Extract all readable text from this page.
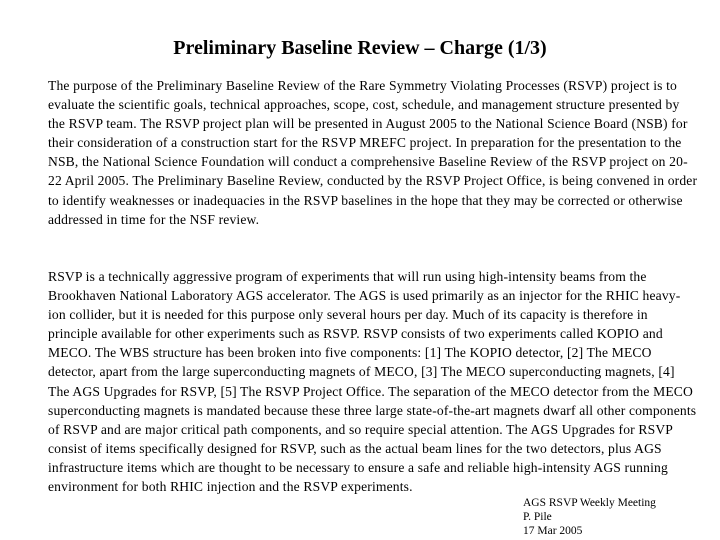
Preliminary Baseline Review – Charge (1/3)

The purpose of the Preliminary Baseline Review of the Rare Symmetry Violating Processes (RSVP) project is to evaluate the scientific goals, technical approaches, scope, cost, schedule, and management structure presented by the RSVP team. The RSVP project plan will be presented in August 2005 to the National Science Board (NSB) for their consideration of a construction start for the RSVP MREFC project. In preparation for the presentation to the NSB, the National Science Foundation will conduct a comprehensive Baseline Review of the RSVP project on 20-22 April 2005. The Preliminary Baseline Review, conducted by the RSVP Project Office, is being convened in order to identify weaknesses or inadequacies in the RSVP baselines in the hope that they may be corrected or otherwise addressed in time for the NSF review.

RSVP is a technically aggressive program of experiments that will run using high-intensity beams from the Brookhaven National Laboratory AGS accelerator. The AGS is used primarily as an injector for the RHIC heavy-ion collider, but it is needed for this purpose only several hours per day. Much of its capacity is therefore in principle available for other experiments such as RSVP. RSVP consists of two experiments called KOPIO and MECO. The WBS structure has been broken into five components: [1] The KOPIO detector, [2] The MECO detector, apart from the large superconducting magnets of MECO, [3] The MECO superconducting magnets, [4] The AGS Upgrades for RSVP, [5] The RSVP Project Office. The separation of the MECO detector from the MECO superconducting magnets is mandated because these three large state-of-the-art magnets dwarf all other components of RSVP and are major critical path components, and so require special attention. The AGS Upgrades for RSVP consist of items specifically designed for RSVP, such as the actual beam lines for the two detectors, plus AGS infrastructure items which are thought to be necessary to ensure a safe and reliable high-intensity AGS running environment for both RHIC injection and the RSVP experiments.

AGS RSVP Weekly Meeting
P. Pile
17 Mar 2005
